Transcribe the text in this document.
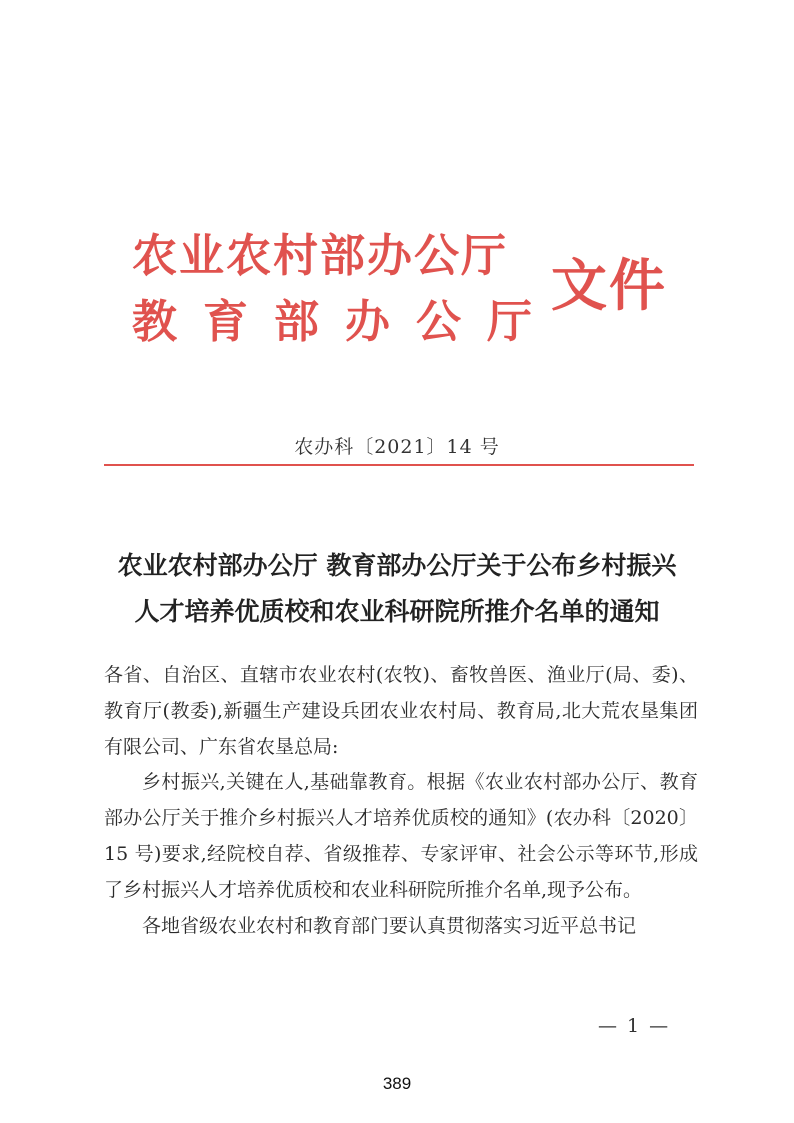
农业农村部办公厅
教育部办公厅
文件
农办科〔2021〕14 号
农业农村部办公厅 教育部办公厅关于公布乡村振兴
人才培养优质校和农业科研院所推介名单的通知

各省、自治区、直辖市农业农村(农牧)、畜牧兽医、渔业厅(局、委)、教育厅(教委),新疆生产建设兵团农业农村局、教育局,北大荒农垦集团有限公司、广东省农垦总局:

乡村振兴,关键在人,基础靠教育。根据《农业农村部办公厅、教育部办公厅关于推介乡村振兴人才培养优质校的通知》(农办科〔2020〕15 号)要求,经院校自荐、省级推荐、专家评审、社会公示等环节,形成了乡村振兴人才培养优质校和农业科研院所推介名单,现予公布。

各地省级农业农村和教育部门要认真贯彻落实习近平总书记

— 1 —
389
